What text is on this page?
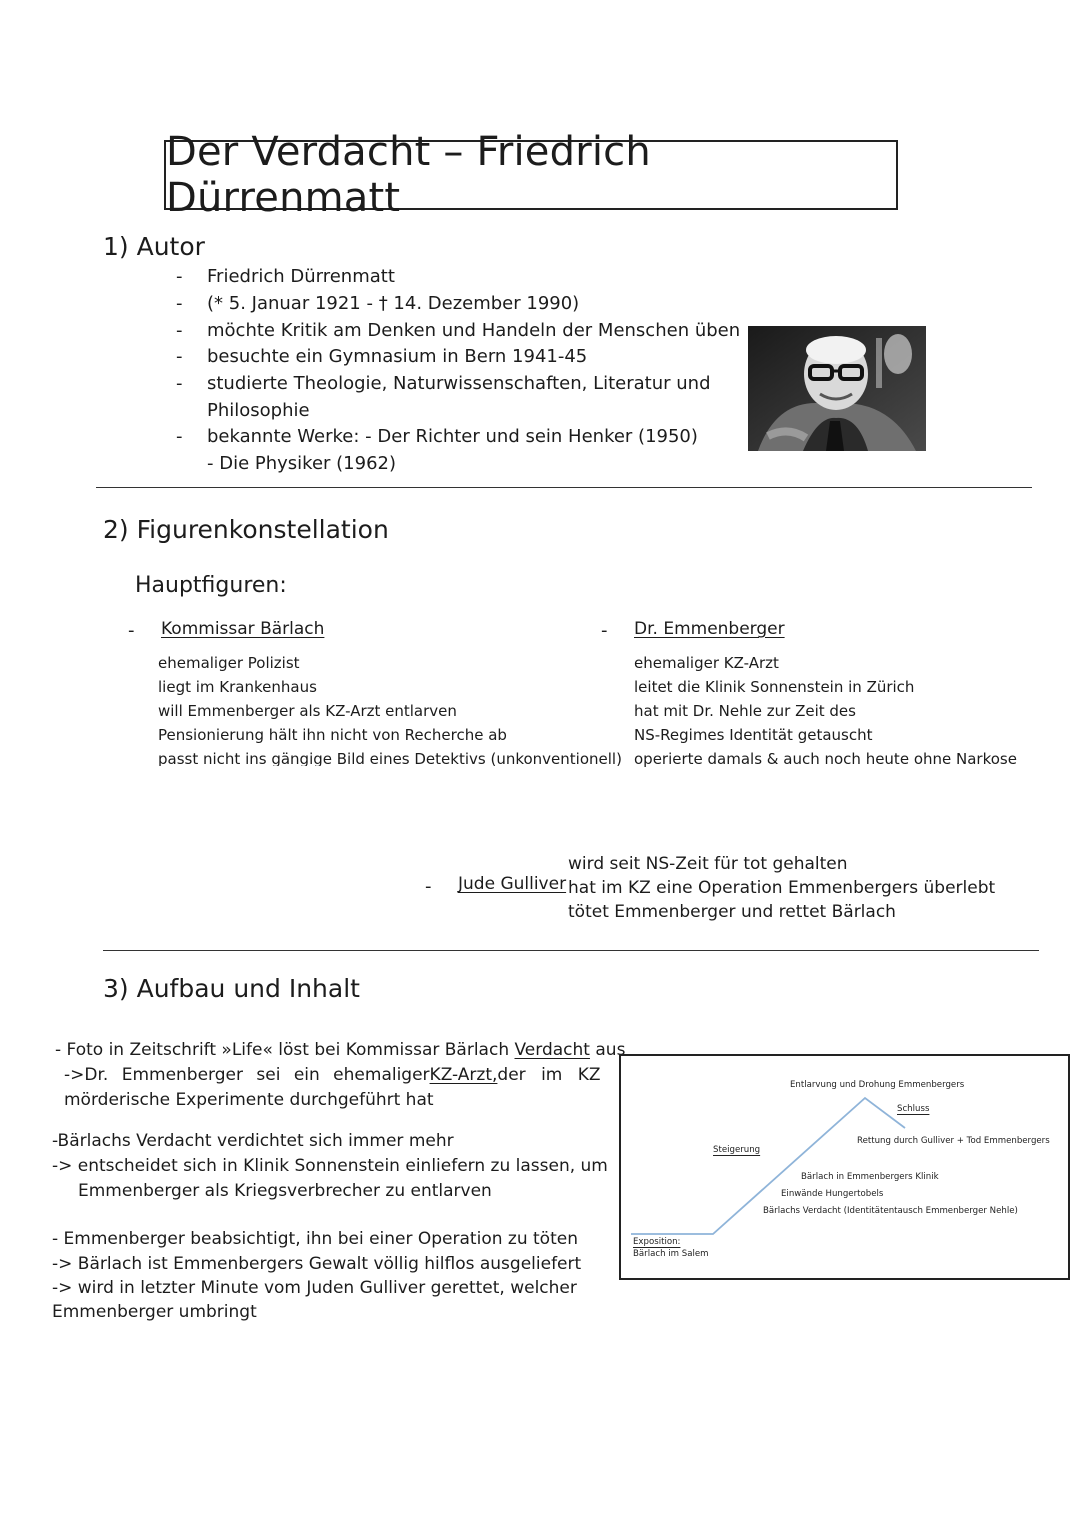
Der Verdacht – Friedrich Dürrenmatt
1) Autor
- Friedrich Dürrenmatt
- (* 5. Januar 1921 - † 14. Dezember 1990)
- möchte Kritik am Denken und Handeln der Menschen üben
- besuchte ein Gymnasium in Bern 1941-45
- studierte Theologie, Naturwissenschaften, Literatur und
Philosophie
- bekannte Werke: - Der Richter und sein Henker (1950)
- Die Physiker (1962)
2) Figurenkonstellation
Hauptfiguren:
- Kommissar Bärlach
ehemaliger Polizist
liegt im Krankenhaus
will Emmenberger als KZ-Arzt entlarven
Pensionierung hält ihn nicht von Recherche ab
passt nicht ins gängige Bild eines Detektivs (unkonventionell)
- Dr. Emmenberger
ehemaliger KZ-Arzt
leitet die Klinik Sonnenstein in Zürich
hat mit Dr. Nehle zur Zeit des
NS-Regimes Identität getauscht
operierte damals & auch noch heute ohne Narkose
- Jude Gulliver
wird seit NS-Zeit für tot gehalten
hat im KZ eine Operation Emmenbergers überlebt
tötet Emmenberger und rettet Bärlach
3) Aufbau und Inhalt
- Foto in Zeitschrift »Life« löst bei Kommissar Bärlach Verdacht aus
->Dr. Emmenberger sei ein ehemaliger KZ-Arzt, der im KZ
mörderische Experimente durchgeführt hat
-Bärlachs Verdacht verdichtet sich immer mehr
-> entscheidet sich in Klinik Sonnenstein einliefern zu lassen, um
Emmenberger als Kriegsverbrecher zu entlarven
- Emmenberger beabsichtigt, ihn bei einer Operation zu töten
-> Bärlach ist Emmenbergers Gewalt völlig hilflos ausgeliefert
-> wird in letzter Minute vom Juden Gulliver gerettet, welcher
Emmenberger umbringt
Exposition:
Bärlach im Salem
Steigerung
Entlarvung und Drohung Emmenbergers
Schluss
Rettung durch Gulliver + Tod Emmenbergers
Bärlach in Emmenbergers Klinik
Einwände Hungertobels
Bärlachs Verdacht (Identitätentausch Emmenberger Nehle)
